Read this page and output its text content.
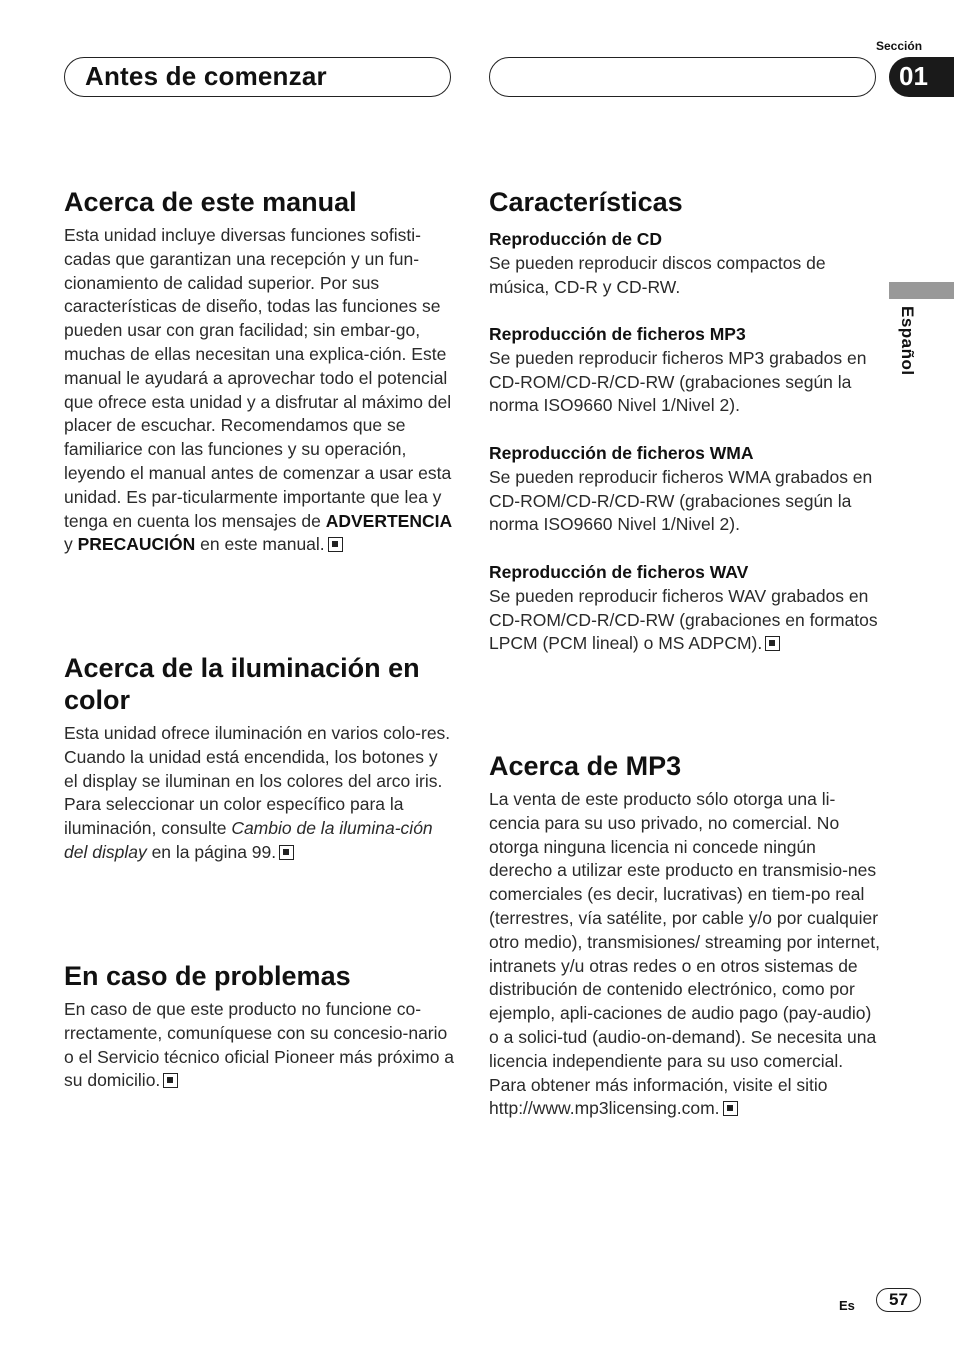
Antes de comenzar
Sección
01
Español
Acerca de este manual

Esta unidad incluye diversas funciones sofisti-cadas que garantizan una recepción y un fun-cionamiento de calidad superior. Por sus características de diseño, todas las funciones se pueden usar con gran facilidad; sin embar-go, muchas de ellas necesitan una explica-ción. Este manual le ayudará a aprovechar todo el potencial que ofrece esta unidad y a disfrutar al máximo del placer de escuchar. Recomendamos que se familiarice con las funciones y su operación, leyendo el manual antes de comenzar a usar esta unidad. Es par-ticularmente importante que lea y tenga en cuenta los mensajes de ADVERTENCIA y PRECAUCIÓN en este manual.

Acerca de la iluminación en color

Esta unidad ofrece iluminación en varios colo-res.
Cuando la unidad está encendida, los botones y el display se iluminan en los colores del arco iris. Para seleccionar un color específico para la iluminación, consulte Cambio de la ilumina-ción del display en la página 99.

En caso de problemas

En caso de que este producto no funcione co-rrectamente, comuníquese con su concesio-nario o el Servicio técnico oficial Pioneer más próximo a su domicilio.

Características
Reproducción de CD
Se pueden reproducir discos compactos de música, CD-R y CD-RW.
Reproducción de ficheros MP3
Se pueden reproducir ficheros MP3 grabados en CD-ROM/CD-R/CD-RW (grabaciones según la norma ISO9660 Nivel 1/Nivel 2).
Reproducción de ficheros WMA
Se pueden reproducir ficheros WMA grabados en CD-ROM/CD-R/CD-RW (grabaciones según la norma ISO9660 Nivel 1/Nivel 2).
Reproducción de ficheros WAV
Se pueden reproducir ficheros WAV grabados en CD-ROM/CD-R/CD-RW (grabaciones en formatos LPCM (PCM lineal) o MS ADPCM).
Acerca de MP3

La venta de este producto sólo otorga una li-cencia para su uso privado, no comercial. No otorga ninguna licencia ni concede ningún derecho a utilizar este producto en transmisio-nes comerciales (es decir, lucrativas) en tiem-po real (terrestres, vía satélite, por cable y/o por cualquier otro medio), transmisiones/ streaming por internet, intranets y/u otras redes o en otros sistemas de distribución de contenido electrónico, como por ejemplo, apli-caciones de audio pago (pay-audio) o a solici-tud (audio-on-demand). Se necesita una licencia independiente para su uso comercial. Para obtener más información, visite el sitio http://www.mp3licensing.com.

Es	57
